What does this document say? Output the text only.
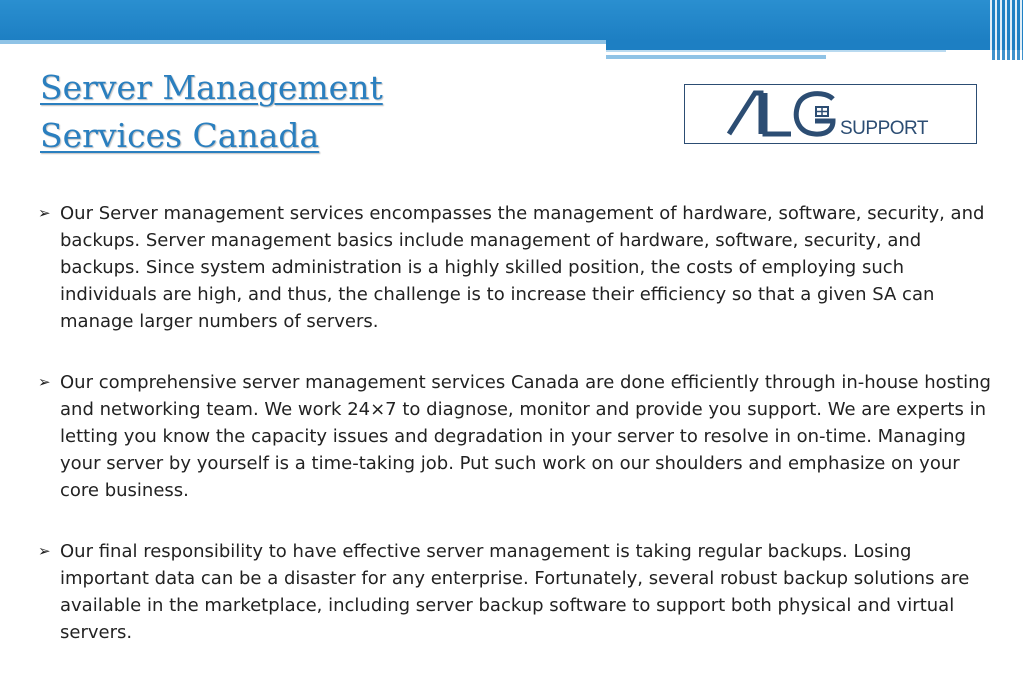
Server Management
Services Canada	SUPPORT
➢ Our Server management services encompasses the management of hardware, software, security, and backups. Server management basics include management of hardware, software, security, and backups. Since system administration is a highly skilled position, the costs of employing such individuals are high, and thus, the challenge is to increase their efficiency so that a given SA can manage larger numbers of servers.
➢ Our comprehensive server management services Canada are done efficiently through in-house hosting and networking team. We work 24×7 to diagnose, monitor and provide you support. We are experts in letting you know the capacity issues and degradation in your server to resolve in on-time. Managing your server by yourself is a time-taking job. Put such work on our shoulders and emphasize on your core business.
➢ Our final responsibility to have effective server management is taking regular backups. Losing important data can be a disaster for any enterprise. Fortunately, several robust backup solutions are available in the marketplace, including server backup software to support both physical and virtual servers.
